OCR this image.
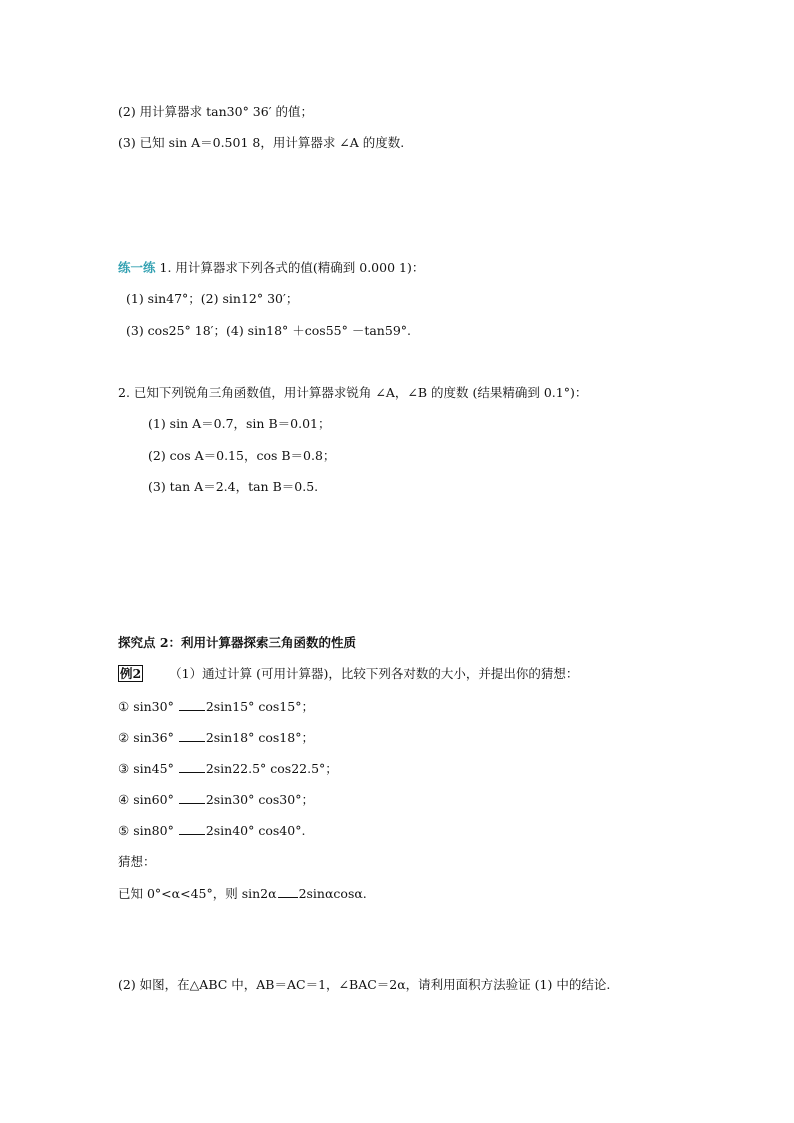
(2) 用计算器求 tan30° 36′ 的值；
(3) 已知 sin A＝0.501 8，用计算器求 ∠A 的度数.
练一练 1. 用计算器求下列各式的值(精确到 0.000 1)：
(1) sin47°；(2) sin12° 30′；
(3) cos25° 18′；(4) sin18° ＋cos55° －tan59°.
2. 已知下列锐角三角函数值，用计算器求锐角 ∠A，∠B 的度数 (结果精确到 0.1°)：
(1) sin A＝0.7，sin B＝0.01；
(2) cos A＝0.15，cos B＝0.8；
(3) tan A＝2.4，tan B＝0.5.
探究点 2：利用计算器探索三角函数的性质
例2 （1）通过计算 (可用计算器)，比较下列各对数的大小，并提出你的猜想：
① sin30°	2sin15° cos15°；
② sin36°	2sin18° cos18°；
③ sin45°	2sin22.5° cos22.5°；
④ sin60°	2sin30° cos30°；
⑤ sin80°	2sin40° cos40°.
猜想：
已知 0°<α<45°，则 sin2α 2sinαcosα.
(2) 如图，在△ABC 中，AB＝AC＝1，∠BAC＝2α，请利用面积方法验证 (1) 中的结论.
